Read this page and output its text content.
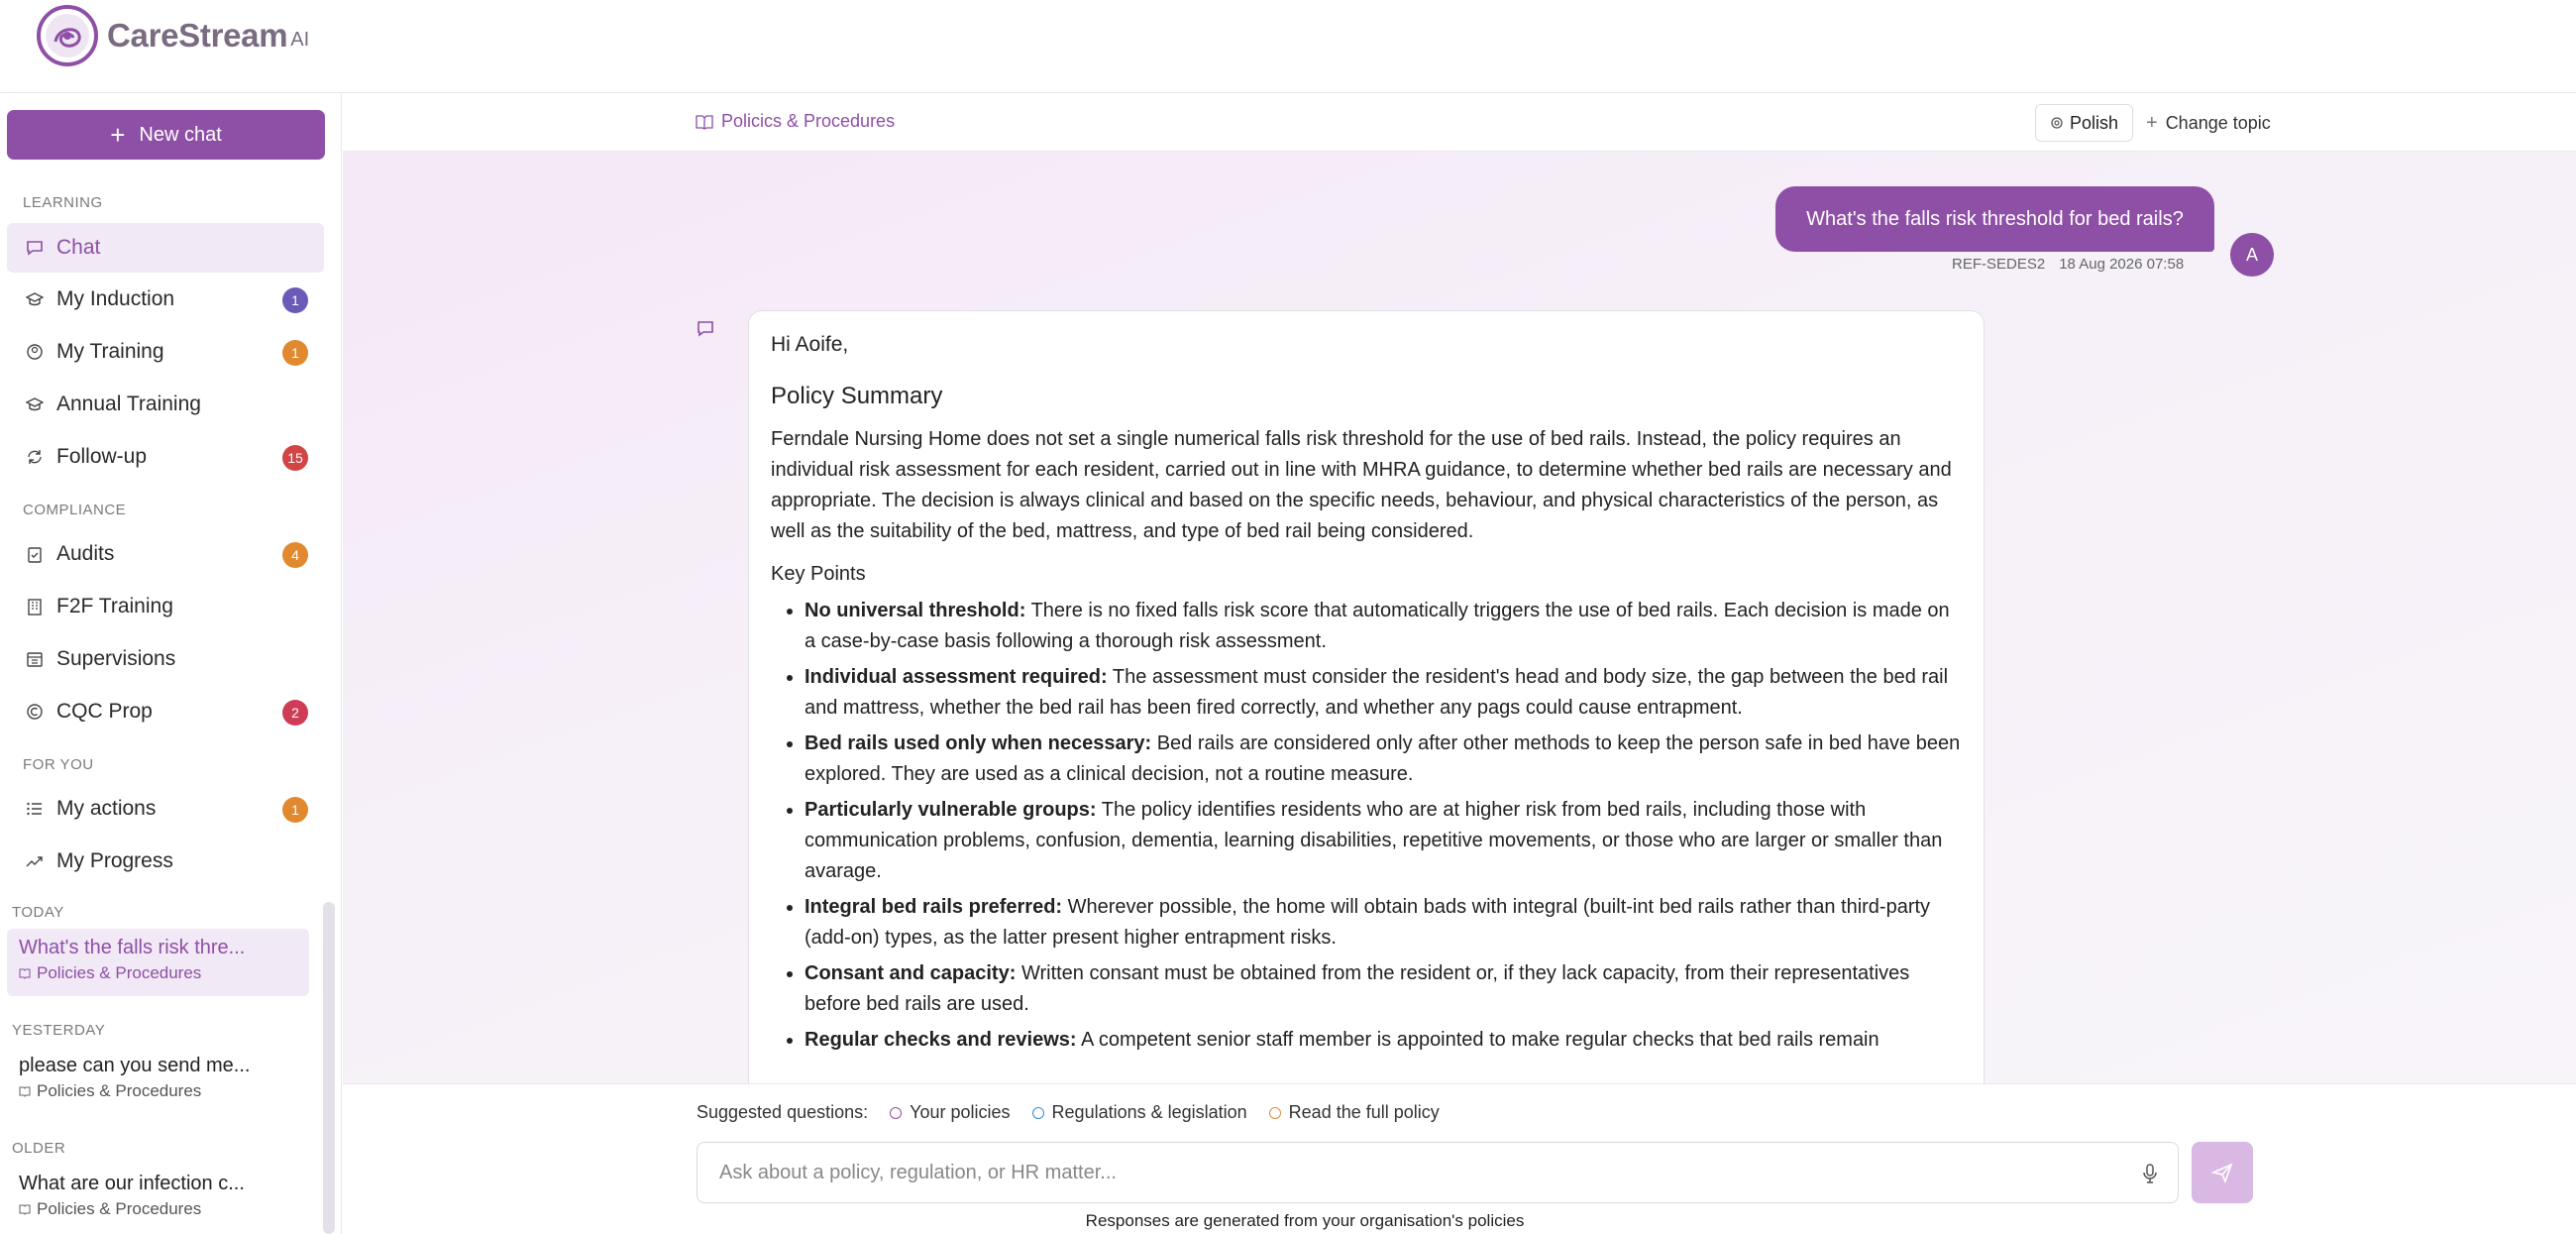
CareStream AI
+ New chat
LEARNING
Chat
My Induction	1
My Training	1
Annual Training
Follow-up	15
COMPLIANCE
Audits	4
F2F Training
Supervisions
CQC Prop	2
FOR YOU
My actions	1
My Progress
TODAY
What's the falls risk thre...
Policies & Procedures
YESTERDAY
please can you send me...
Policies & Procedures
OLDER
What are our infection c...
Policies & Procedures
Policics & Procedures	Polish + Change topic
What's the falls risk threshold for bed rails?
REF-SEDES2 18 Aug 2026 07:58	A
Hi Aoife,
Policy Summary

Ferndale Nursing Home does not set a single numerical falls risk threshold for the use of bed rails. Instead, the policy requires an individual risk assessment for each resident, carried out in line with MHRA guidance, to determine whether bed rails are necessary and appropriate. The decision is always clinical and based on the specific needs, behaviour, and physical characteristics of the person, as well as the suitability of the bed, mattress, and type of bed rail being considered.

Key Points
• No universal threshold: There is no fixed falls risk score that automatically triggers the use of bed rails. Each decision is made on a case-by-case basis following a thorough risk assessment.
• Individual assessment required: The assessment must consider the resident's head and body size, the gap between the bed rail and mattress, whether the bed rail has been fired correctly, and whether any pags could cause entrapment.
• Bed rails used only when necessary: Bed rails are considered only after other methods to keep the person safe in bed have been explored. They are used as a clinical decision, not a routine measure.
• Particularly vulnerable groups: The policy identifies residents who are at higher risk from bed rails, including those with communication problems, confusion, dementia, learning disabilities, repetitive movements, or those who are larger or smaller than avarage.
• Integral bed rails preferred: Wherever possible, the home will obtain bads with integral (built-int bed rails rather than third-party (add-on) types, as the latter present higher entrapment risks.
• Consant and capacity: Written consant must be obtained from the resident or, if they lack capacity, from their representatives before bed rails are used.
• Regular checks and reviews: A competent senior staff member is appointed to make regular checks that bed rails remain
Suggested questions: Your policies Regulations & legislation Read the full policy
Ask about a policy, regulation, or HR matter...
Responses are generated from your organisation's policies
